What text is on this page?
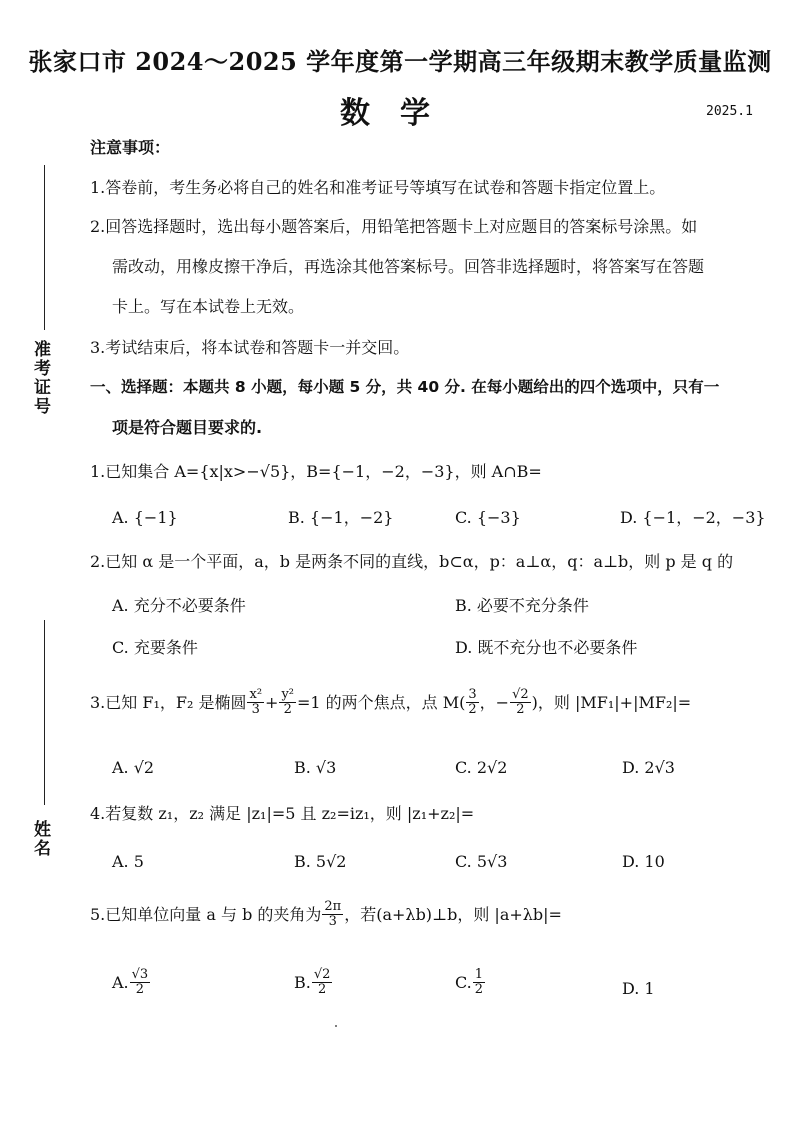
张家口市 2024～2025 学年度第一学期高三年级期末教学质量监测
数学	2025.1
准考证号
姓名
注意事项：
1.答卷前，考生务必将自己的姓名和准考证号等填写在试卷和答题卡指定位置上。
2.回答选择题时，选出每小题答案后，用铅笔把答题卡上对应题目的答案标号涂黑。如
需改动，用橡皮擦干净后，再选涂其他答案标号。回答非选择题时，将答案写在答题
卡上。写在本试卷上无效。
3.考试结束后，将本试卷和答题卡一并交回。
一、选择题：本题共 8 小题，每小题 5 分，共 40 分. 在每小题给出的四个选项中，只有一
项是符合题目要求的.
1.已知集合 A={x|x>−√5}，B={−1，−2，−3}，则 A∩B=
A. {−1}	B. {−1，−2}	C. {−3}	D. {−1，−2，−3}
2.已知 α 是一个平面，a，b 是两条不同的直线，b⊂α，p：a⊥α，q：a⊥b，则 p 是 q 的
A. 充分不必要条件	B. 必要不充分条件
C. 充要条件	D. 既不充分也不必要条件
3.已知 F₁，F₂ 是椭圆 $\frac{\text{x²}}{3} + \frac{\text{y²}}{2} =1$ 的两个焦点，点 $M( \frac{3}{2}$ ，− $\frac{√2}{2}$ )，则 |MF₁|+|MF₂|=
A. √2	B. √3	C. 2√2	D. 2√3
4.若复数 z₁，z₂ 满足 |z₁|=5 且 z₂=iz₁，则 |z₁+z₂|=
A. 5	B. 5√2	C. 5√3	D. 10
5.已知单位向量 a 与 b 的夹角为 $\frac{2\pi}{3}$ ，若(a+λb)⊥b，则 |a+λb|=
A. $\frac{√3}{2}$	B. $\frac{√2}{2}$	C. $\frac{1}{2}$	D. 1
